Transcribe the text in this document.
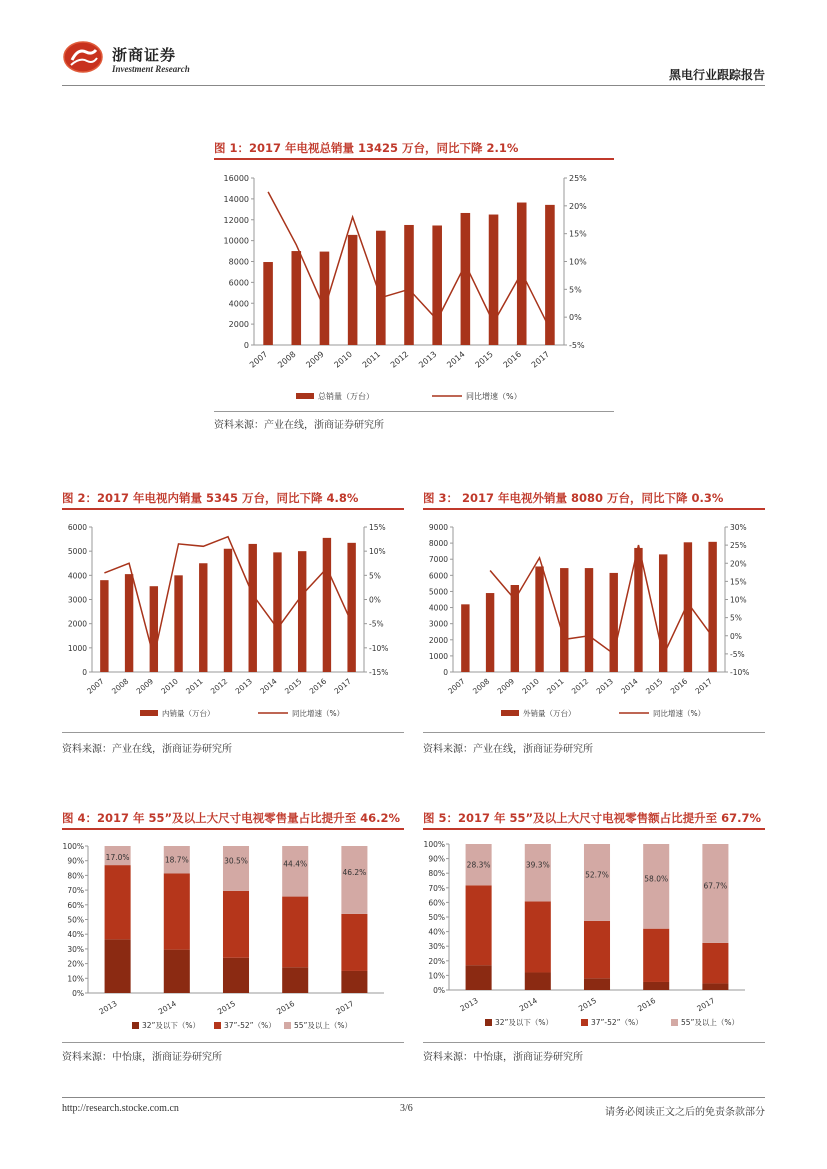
浙商证券
Investment Research	黑电行业跟踪报告
图 1：2017 年电视总销量 13425 万台，同比下降 2.1%
0
2000
4000
6000
8000
10000
12000
14000
16000
-5%
0%
5%
10%
15%
20%
25%
2007 2008 2009 2010 2011 2012 2013 2014 2015 2016 2017
总销量（万台）	同比增速（%）
资料来源：产业在线，浙商证券研究所
图 2：2017 年电视内销量 5345 万台，同比下降 4.8%
0
1000
2000
3000
4000
5000
6000
-15%
-10%
-5%
0%
5%
10%
15%
2007 2008 2009 2010 2011 2012 2013 2014 2015 2016 2017
内销量（万台）	同比增速（%）
资料来源：产业在线，浙商证券研究所
图 3： 2017 年电视外销量 8080 万台，同比下降 0.3%
0
1000
2000
3000
4000
5000
6000
7000
8000
9000
-10%
-5%
0%
5%
10%
15%
20%
25%
30%
2007 2008 2009 2010 2011 2012 2013 2014 2015 2016 2017
外销量（万台）	同比增速（%）
资料来源：产业在线，浙商证券研究所
图 4：2017 年 55”及以上大尺寸电视零售量占比提升至 46.2%
0%
10%
20%
30%
40%
50%
60%
70%
80%
90%
100%
17.0%
2013
18.7%
2014
30.5%
2015
44.4%
2016
46.2%
2017
32”及以下（%）	37”-52”（%） 55”及以上（%）
资料来源：中怡康，浙商证券研究所
图 5：2017 年 55”及以上大尺寸电视零售额占比提升至 67.7%
0%
10%
20%
30%
40%
50%
60%
70%
80%
90%
100%
28.3%
2013
39.3%
2014
52.7%
2015
58.0%
2016
67.7%
2017
32”及以下（%）	37”-52”（%）	55”及以上（%）
资料来源：中怡康，浙商证券研究所
http://research.stocke.com.cn	3/6	请务必阅读正文之后的免责条款部分
